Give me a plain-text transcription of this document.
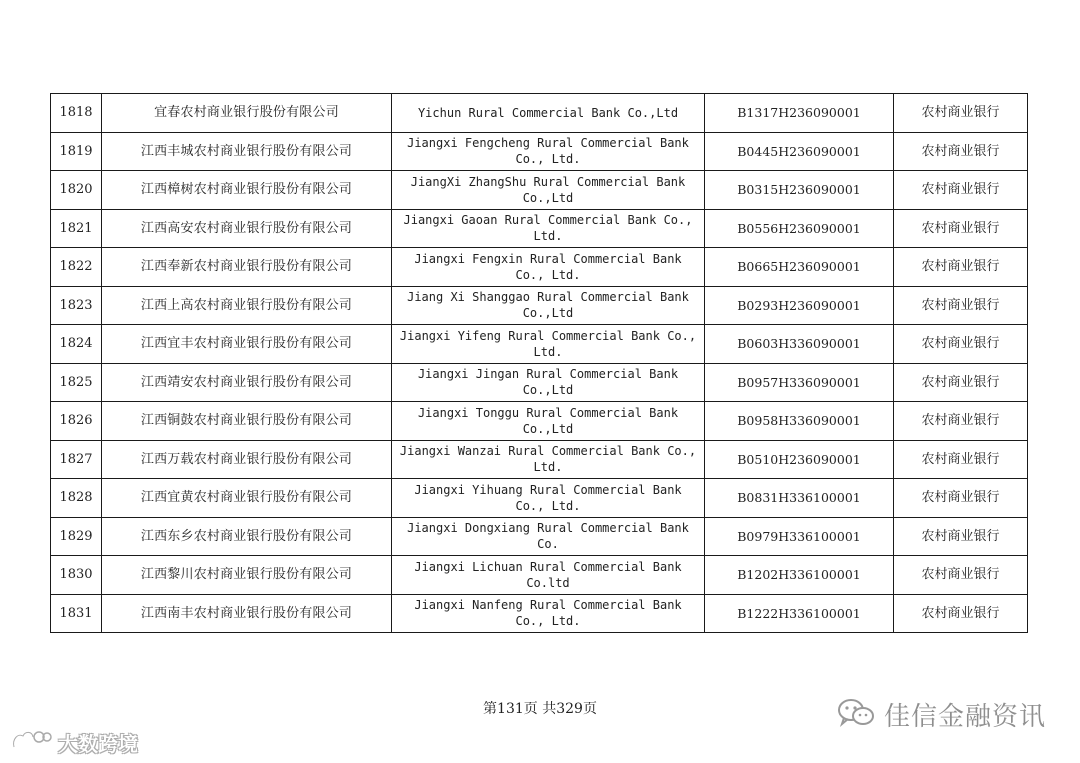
1818	宜春农村商业银行股份有限公司	Yichun Rural Commercial Bank Co.,Ltd	B1317H236090001	农村商业银行
1819	江西丰城农村商业银行股份有限公司	Jiangxi Fengcheng Rural Commercial Bank Co., Ltd.	B0445H236090001	农村商业银行
1820	江西樟树农村商业银行股份有限公司	JiangXi ZhangShu Rural Commercial Bank Co.,Ltd	B0315H236090001	农村商业银行
1821	江西高安农村商业银行股份有限公司	Jiangxi Gaoan Rural Commercial Bank Co., Ltd.	B0556H236090001	农村商业银行
1822	江西奉新农村商业银行股份有限公司	Jiangxi Fengxin Rural Commercial Bank Co., Ltd.	B0665H236090001	农村商业银行
1823	江西上高农村商业银行股份有限公司	Jiang Xi Shanggao Rural Commercial Bank Co.,Ltd	B0293H236090001	农村商业银行
1824	江西宜丰农村商业银行股份有限公司	Jiangxi Yifeng Rural Commercial Bank Co., Ltd.	B0603H336090001	农村商业银行
1825	江西靖安农村商业银行股份有限公司	Jiangxi Jingan Rural Commercial Bank Co.,Ltd	B0957H336090001	农村商业银行
1826	江西铜鼓农村商业银行股份有限公司	Jiangxi Tonggu Rural Commercial Bank Co.,Ltd	B0958H336090001	农村商业银行
1827	江西万载农村商业银行股份有限公司	Jiangxi Wanzai Rural Commercial Bank Co., Ltd.	B0510H236090001	农村商业银行
1828	江西宜黄农村商业银行股份有限公司	Jiangxi Yihuang Rural Commercial Bank Co., Ltd.	B0831H336100001	农村商业银行
1829	江西东乡农村商业银行股份有限公司	Jiangxi Dongxiang Rural Commercial Bank Co.	B0979H336100001	农村商业银行
1830	江西黎川农村商业银行股份有限公司	Jiangxi Lichuan Rural Commercial Bank Co.ltd	B1202H336100001	农村商业银行
1831	江西南丰农村商业银行股份有限公司	Jiangxi Nanfeng Rural Commercial Bank Co., Ltd.	B1222H336100001	农村商业银行
第131页 共329页	佳信金融资讯
大数跨境
